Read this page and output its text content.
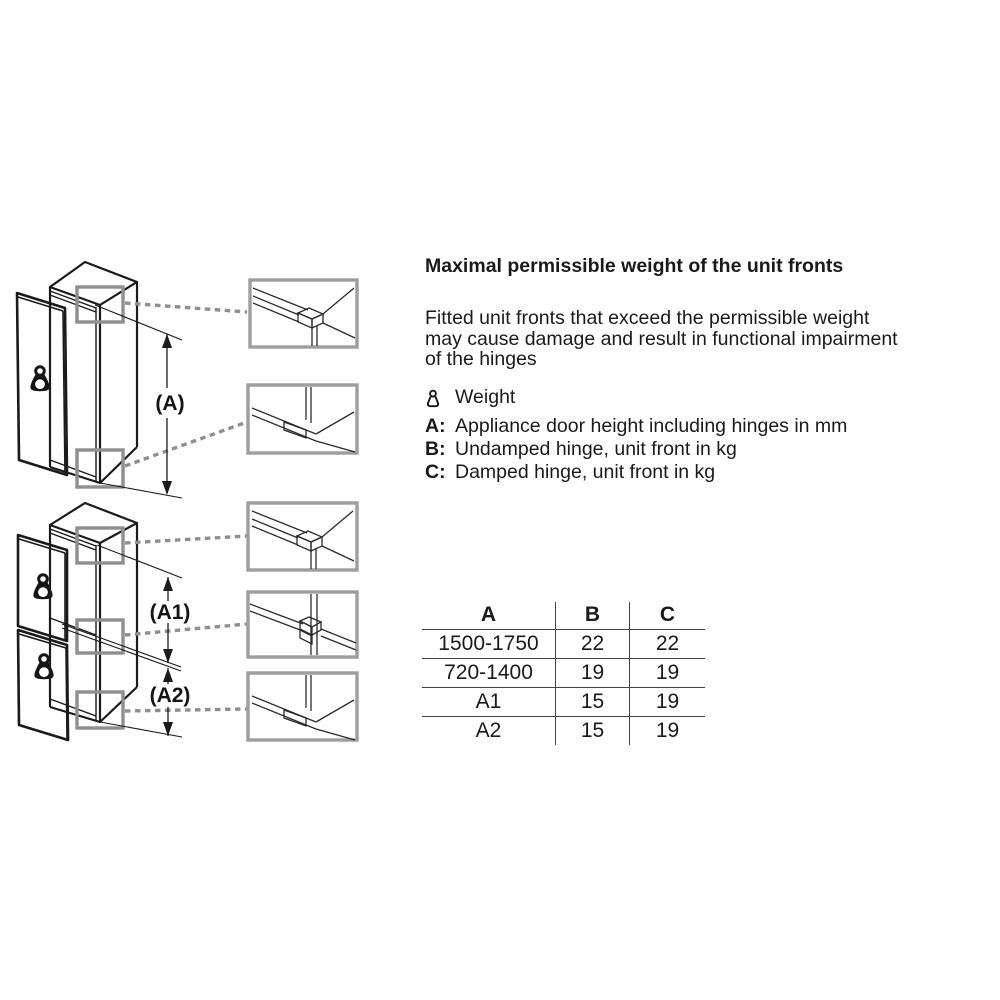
(A)
(A1)
(A2)
Maximal permissible weight of the unit fronts
Fitted unit fronts that exceed the permissible weight
may cause damage and result in functional impairment
of the hinges
Weight
A: Appliance door height including hinges in mm
B: Undamped hinge, unit front in kg
C: Damped hinge, unit front in kg
A	B	C
1500-1750	22	22
720-1400	19	19
A1	15	19
A2	15	19
